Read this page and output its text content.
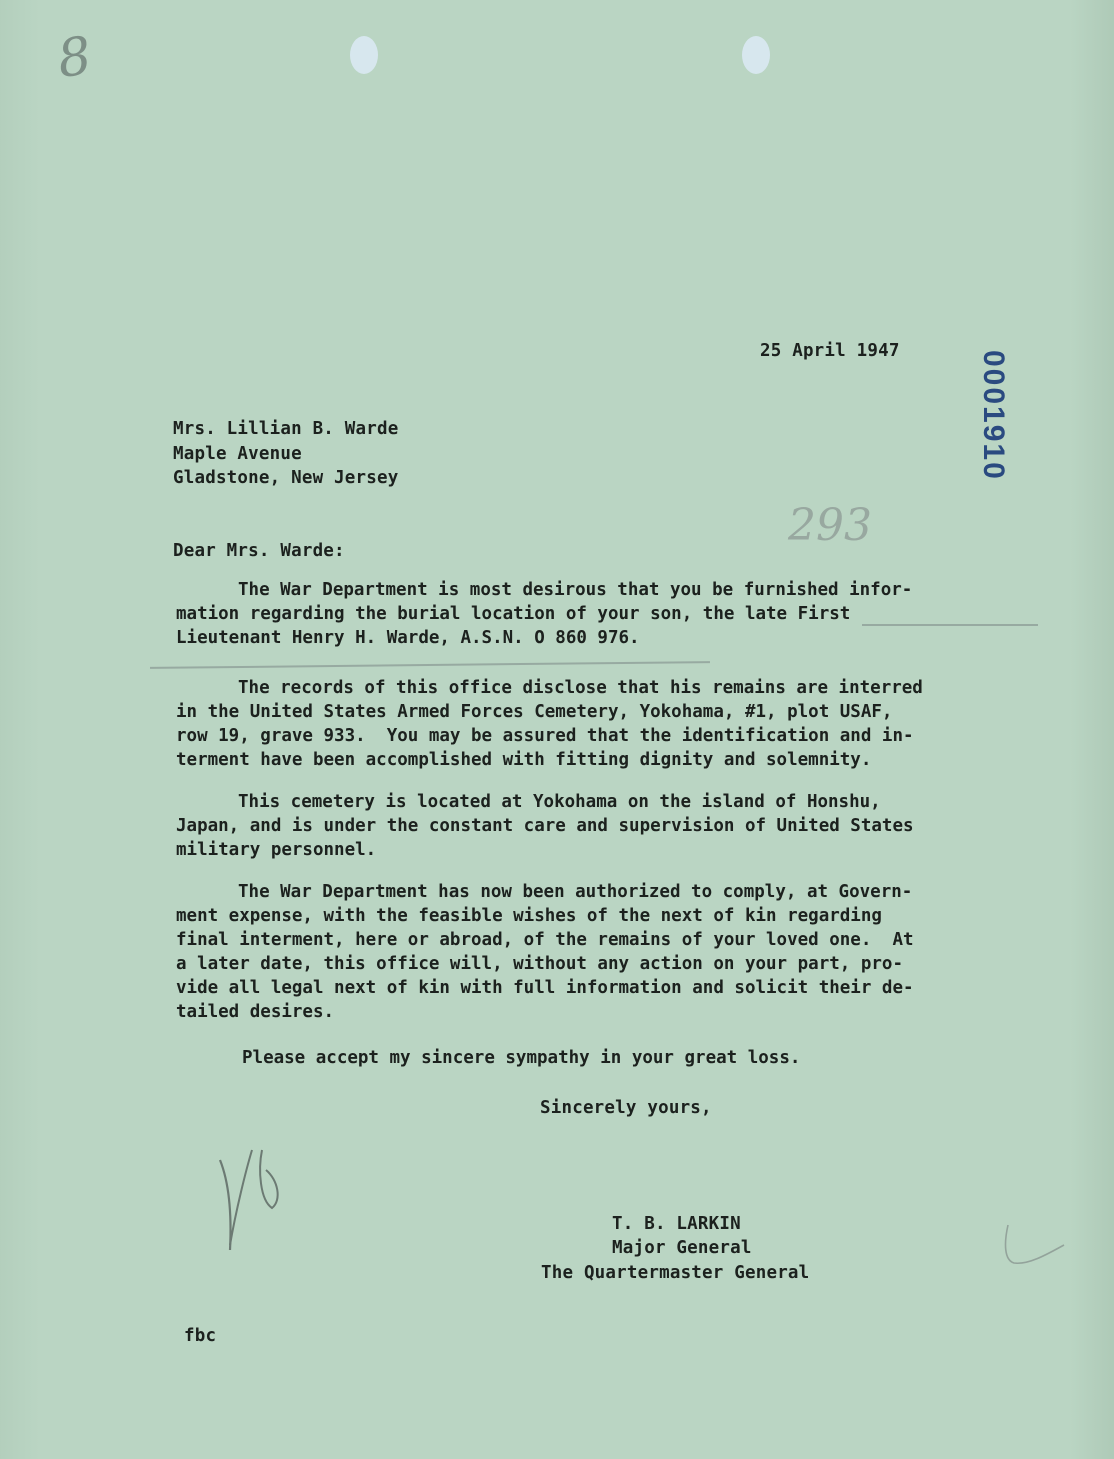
8
25 April 1947	0001910
Mrs. Lillian B. Warde
Maple Avenue
Gladstone, New Jersey
293
Dear Mrs. Warde:
The War Department is most desirous that you be furnished infor-
mation regarding the burial location of your son, the late First
Lieutenant Henry H. Warde, A.S.N. O 860 976.
The records of this office disclose that his remains are interred
in the United States Armed Forces Cemetery, Yokohama, #1, plot USAF,
row 19, grave 933.  You may be assured that the identification and in-
terment have been accomplished with fitting dignity and solemnity.
This cemetery is located at Yokohama on the island of Honshu,
Japan, and is under the constant care and supervision of United States
military personnel.
The War Department has now been authorized to comply, at Govern-
ment expense, with the feasible wishes of the next of kin regarding
final interment, here or abroad, of the remains of your loved one.  At
a later date, this office will, without any action on your part, pro-
vide all legal next of kin with full information and solicit their de-
tailed desires.
Please accept my sincere sympathy in your great loss.
Sincerely yours,
T. B. LARKIN
Major General
The Quartermaster General
fbc
